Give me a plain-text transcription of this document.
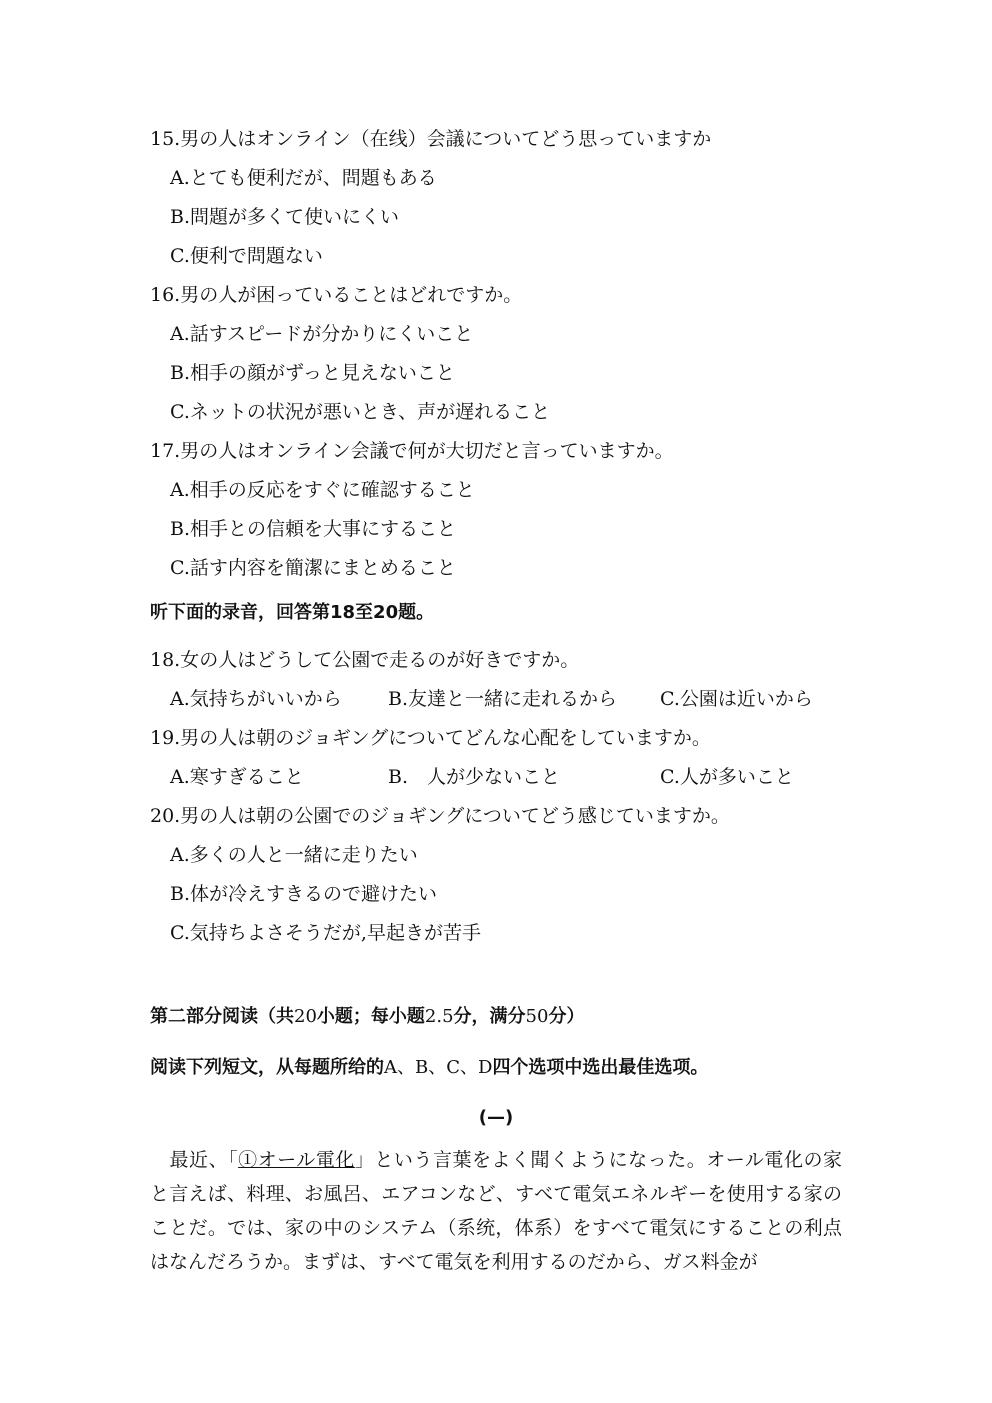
15.男の人はオンライン（在线）会議についてどう思っていますか
A.とても便利だが、問題もある
B.問題が多くて使いにくい
C.便利で問題ない
16.男の人が困っていることはどれですか。
A.話すスピードが分かりにくいこと
B.相手の顔がずっと見えないこと
C.ネットの状況が悪いとき、声が遅れること
17.男の人はオンライン会議で何が大切だと言っていますか。
A.相手の反応をすぐに確認すること
B.相手との信頼を大事にすること
C.話す内容を簡潔にまとめること
听下面的录音，回答第18至20题。
18.女の人はどうして公園で走るのが好きですか。
A.気持ちがいいから B.友達と一緒に走れるから C.公園は近いから
19.男の人は朝のジョギングについてどんな心配をしていますか。
A.寒すぎること	B.　人が少ないこと	C.人が多いこと
20.男の人は朝の公園でのジョギングについてどう感じていますか。
A.多くの人と一緒に走りたい
B.体が冷えすきるので避けたい
C.気持ちよさそうだが,早起きが苦手
第二部分阅读（共20小题；每小题2.5分，满分50分）
阅读下列短文，从每题所给的A、B、C、D四个选项中选出最佳选项。
(—)

　最近、「①オール電化」という言葉をよく聞くようになった。オール電化の家と言えば、料理、お風呂、エアコンなど、すべて電気エネルギーを使用する家のことだ。では、家の中のシステム（系统，体系）をすべて電気にすることの利点はなんだろうか。まずは、すべて電気を利用するのだから、ガス料金が
